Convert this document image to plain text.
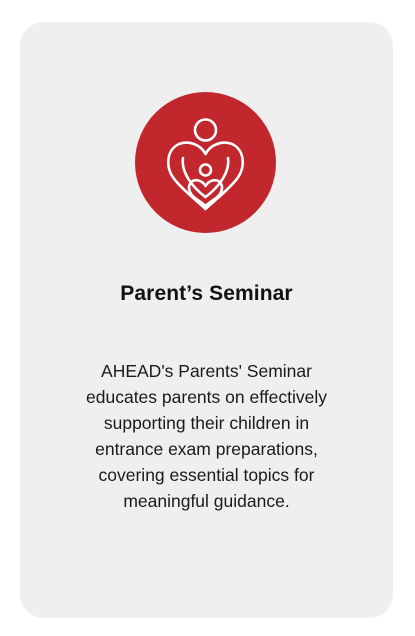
Parent’s Seminar

AHEAD's Parents' Seminar educates parents on effectively supporting their children in entrance exam preparations, covering essential topics for meaningful guidance.
